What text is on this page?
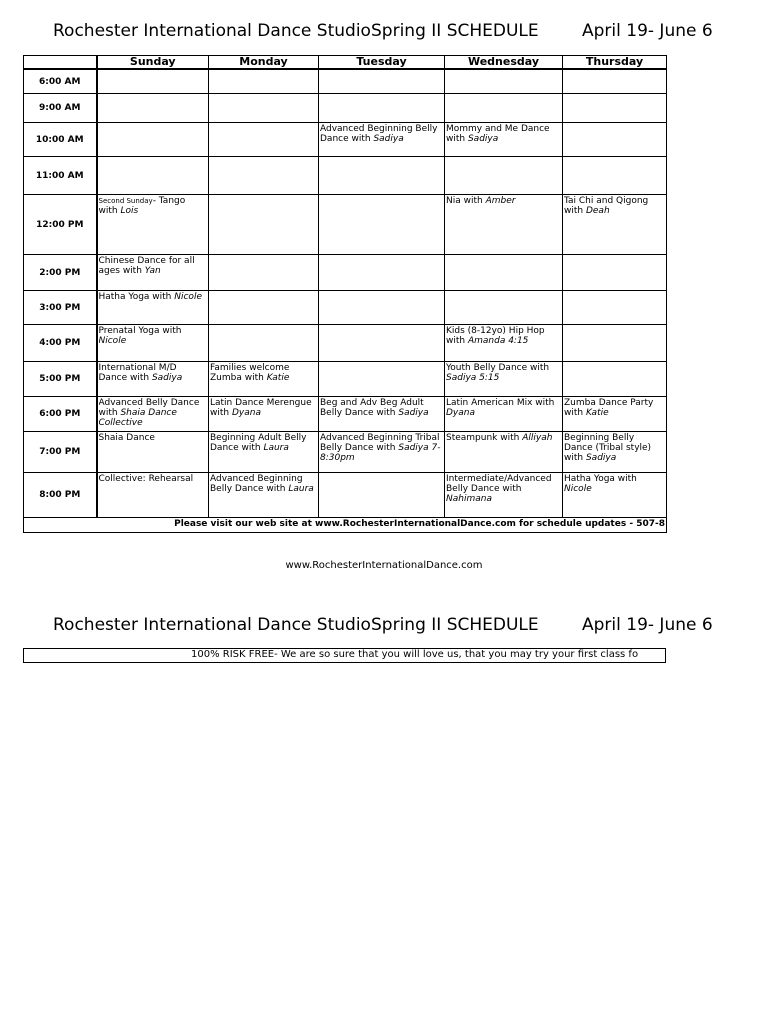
Rochester International Dance Studio Spring II SCHEDULE	April 19- June 6
	Sunday	Monday	Tuesday	Wednesday	Thursday
6:00 AM	

9:00 AM	

10:00 AM			Advanced Beginning Belly Dance with Sadiya	Mommy and Me Dance with Sadiya	

11:00 AM	

12:00 PM	Second Sunday- Tango with Lois			Nia with Amber	Tai Chi and Qigong with Deah

2:00 PM	Chinese Dance for all ages with Yan				

3:00 PM	Hatha Yoga with Nicole				

4:00 PM	Prenatal Yoga with Nicole			Kids (8-12yo) Hip Hop with Amanda 4:15	

5:00 PM	International M/D Dance with Sadiya	Families welcome Zumba with Katie		Youth Belly Dance with Sadiya 5:15	

6:00 PM	Advanced Belly Dance with Shaia Dance Collective	Latin Dance Merengue with Dyana	Beg and Adv Beg Adult Belly Dance with Sadiya	Latin American Mix with Dyana	Zumba Dance Party with Katie

7:00 PM	Shaia Dance	Beginning Adult Belly Dance with Laura	Advanced Beginning Tribal Belly Dance with Sadiya 7-8:30pm	Steampunk with Alliyah	Beginning Belly Dance (Tribal style) with Sadiya

8:00 PM	Collective: Rehearsal	Advanced Beginning Belly Dance with Laura		Intermediate/Advanced Belly Dance with Nahimana	Hatha Yoga with Nicole

Please visit our web site at www.RochesterInternationalDance.com for schedule updates - 507-8					
www.RochesterInternationalDance.com
Rochester International Dance Studio Spring II SCHEDULE	April 19- June 6
100% RISK FREE- We are so sure that you will love us, that you may try your first class fo
